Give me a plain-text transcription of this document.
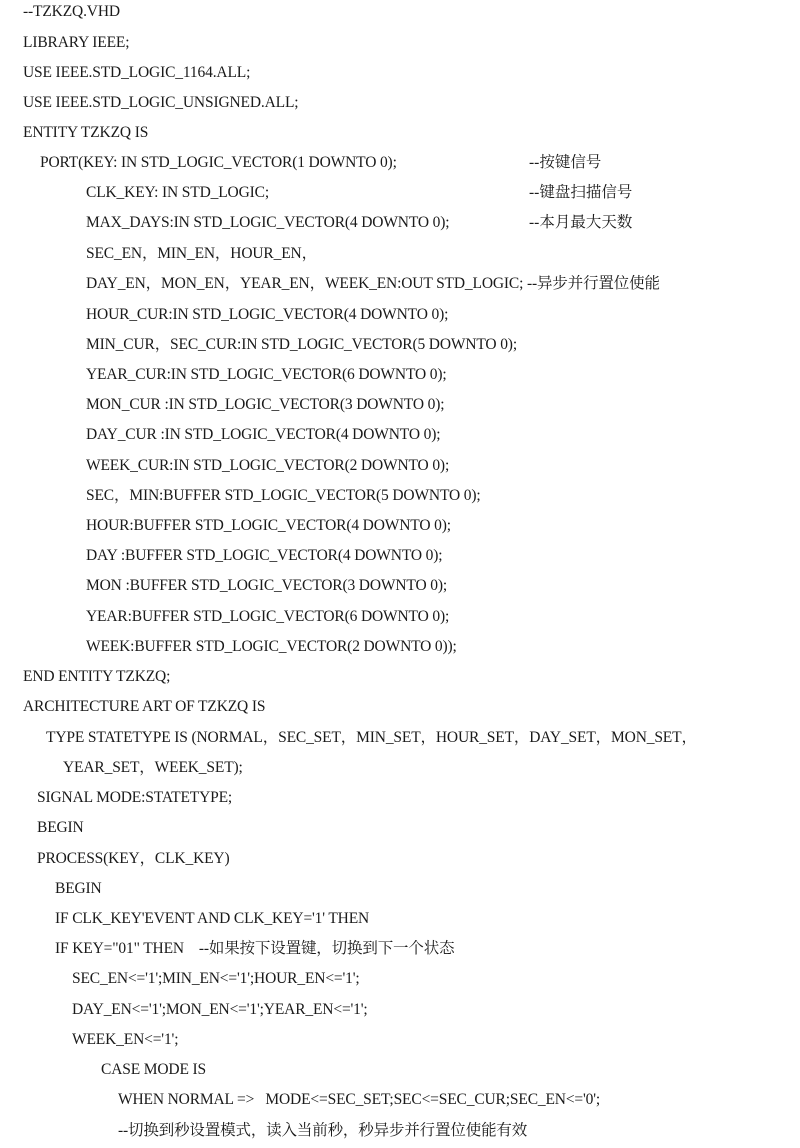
--TZKZQ.VHD
LIBRARY IEEE;
USE IEEE.STD_LOGIC_1164.ALL;
USE IEEE.STD_LOGIC_UNSIGNED.ALL;
ENTITY TZKZQ IS
PORT(KEY: IN STD_LOGIC_VECTOR(1 DOWNTO 0);	--按键信号
CLK_KEY: IN STD_LOGIC;	--键盘扫描信号
MAX_DAYS:IN STD_LOGIC_VECTOR(4 DOWNTO 0);	--本月最大天数
SEC_EN，MIN_EN，HOUR_EN，
DAY_EN，MON_EN，YEAR_EN，WEEK_EN:OUT STD_LOGIC; --异步并行置位使能
HOUR_CUR:IN STD_LOGIC_VECTOR(4 DOWNTO 0);
MIN_CUR，SEC_CUR:IN STD_LOGIC_VECTOR(5 DOWNTO 0);
YEAR_CUR:IN STD_LOGIC_VECTOR(6 DOWNTO 0);
MON_CUR :IN STD_LOGIC_VECTOR(3 DOWNTO 0);
DAY_CUR :IN STD_LOGIC_VECTOR(4 DOWNTO 0);
WEEK_CUR:IN STD_LOGIC_VECTOR(2 DOWNTO 0);
SEC，MIN:BUFFER STD_LOGIC_VECTOR(5 DOWNTO 0);
HOUR:BUFFER STD_LOGIC_VECTOR(4 DOWNTO 0);
DAY :BUFFER STD_LOGIC_VECTOR(4 DOWNTO 0);
MON :BUFFER STD_LOGIC_VECTOR(3 DOWNTO 0);
YEAR:BUFFER STD_LOGIC_VECTOR(6 DOWNTO 0);
WEEK:BUFFER STD_LOGIC_VECTOR(2 DOWNTO 0));
END ENTITY TZKZQ;
ARCHITECTURE ART OF TZKZQ IS
TYPE STATETYPE IS (NORMAL，SEC_SET，MIN_SET，HOUR_SET，DAY_SET，MON_SET，
YEAR_SET，WEEK_SET);
SIGNAL MODE:STATETYPE;
BEGIN
PROCESS(KEY，CLK_KEY)
BEGIN
IF CLK_KEY'EVENT AND CLK_KEY='1' THEN
IF KEY="01" THEN    --如果按下设置键，切换到下一个状态
SEC_EN<='1';MIN_EN<='1';HOUR_EN<='1';
DAY_EN<='1';MON_EN<='1';YEAR_EN<='1';
WEEK_EN<='1';
CASE MODE IS
WHEN NORMAL =>   MODE<=SEC_SET;SEC<=SEC_CUR;SEC_EN<='0';
--切换到秒设置模式，读入当前秒，秒异步并行置位使能有效
